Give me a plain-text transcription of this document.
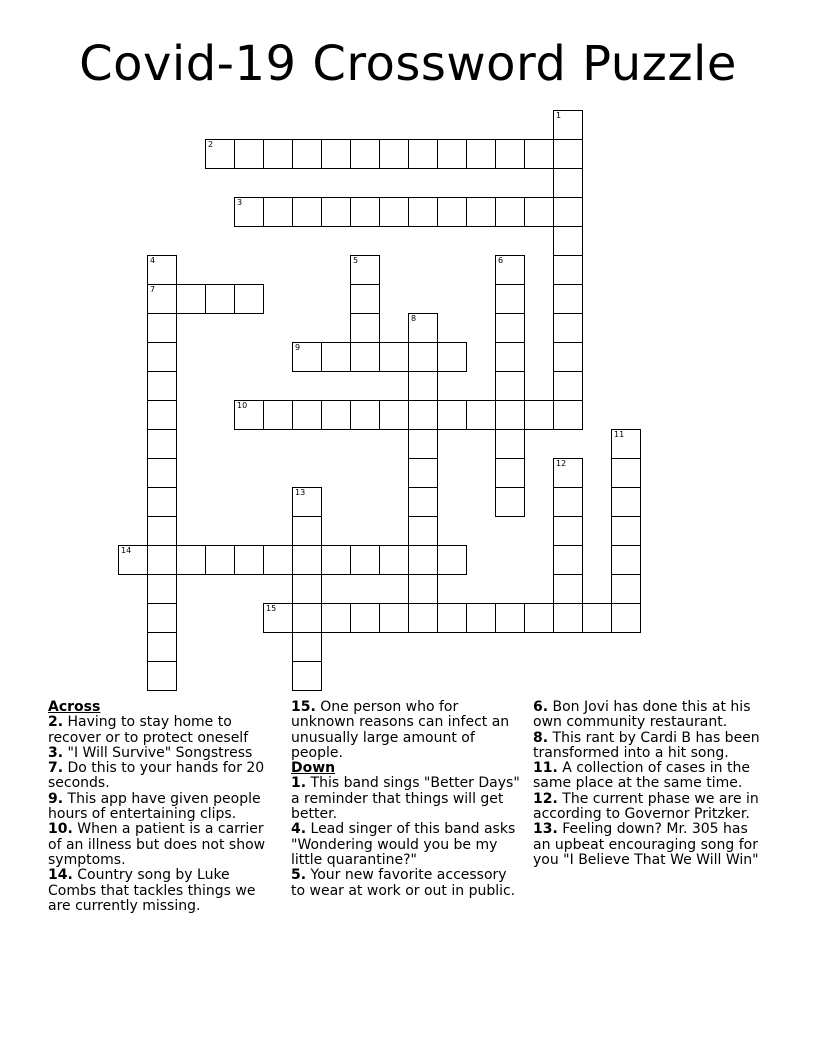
Covid-19 Crossword Puzzle
1
2
3
4	5	6
7
8
9
10
11
12
13
14
15

Across

2. Having to stay home to recover or to protect oneself

3. "I Will Survive" Songstress

7. Do this to your hands for 20 seconds.

9. This app have given people hours of entertaining clips.

10. When a patient is a carrier of an illness but does not show symptoms.

14. Country song by Luke Combs that tackles things we are currently missing.

15. One person who for unknown reasons can infect an unusually large amount of people.

Down

1. This band sings "Better Days" a reminder that things will get better.

4. Lead singer of this band asks "Wondering would you be my little quarantine?"

5. Your new favorite accessory to wear at work or out in public.

6. Bon Jovi has done this at his own community restaurant.

8. This rant by Cardi B has been transformed into a hit song.

11. A collection of cases in the same place at the same time.

12. The current phase we are in according to Governor Pritzker.

13. Feeling down? Mr. 305 has an upbeat encouraging song for you "I Believe That We Will Win"
